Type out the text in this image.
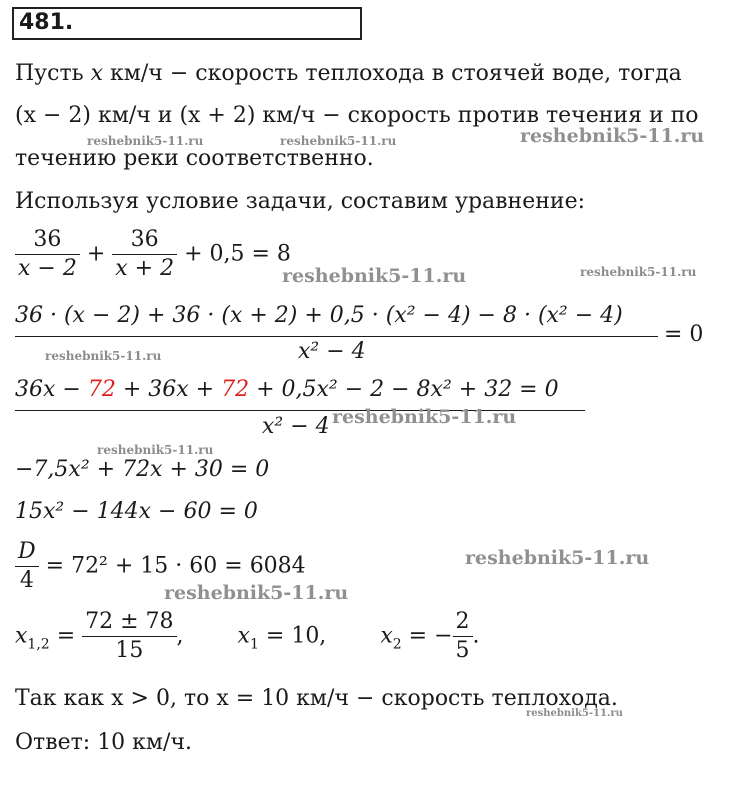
481.
Пусть x км/ч − скорость теплохода в стоячей воде, тогда
(x − 2) км/ч и (x + 2) км/ч − скорость против течения и по
течению реки соответственно.
Используя условие задачи, составим уравнение:
$\frac{36}{x - 2} + \frac{36}{x + 2} + 0,5 = 8$
36 · (x − 2) + 36 · (x + 2) + 0,5 · (x² − 4) − 8 · (x² − 4)
x² − 4
= 0
36x − 72 + 36x + 72 + 0,5x² − 2 − 8x² + 32 = 0
x² − 4
−7,5x² + 72x + 30 = 0
15x² − 144x − 60 = 0
$\frac{D}{4} = 72^2 + 15 \cdot 60 = 6084$
$x_{1,2} = \frac{72 \pm 78}{15}$ , $x_1 = 10$, $x_2$ = − $\frac{2}{5}$ .
Так как x > 0, то x = 10 км/ч − скорость теплохода.
Ответ: 10 км/ч.
reshebnik5-11.ru	reshebnik5-11.ru	reshebnik5-11.ru
reshebnik5-11.ru	reshebnik5-11.ru
reshebnik5-11.ru
reshebnik5-11.ru
reshebnik5-11.ru
reshebnik5-11.ru
reshebnik5-11.ru
reshebnik5-11.ru
